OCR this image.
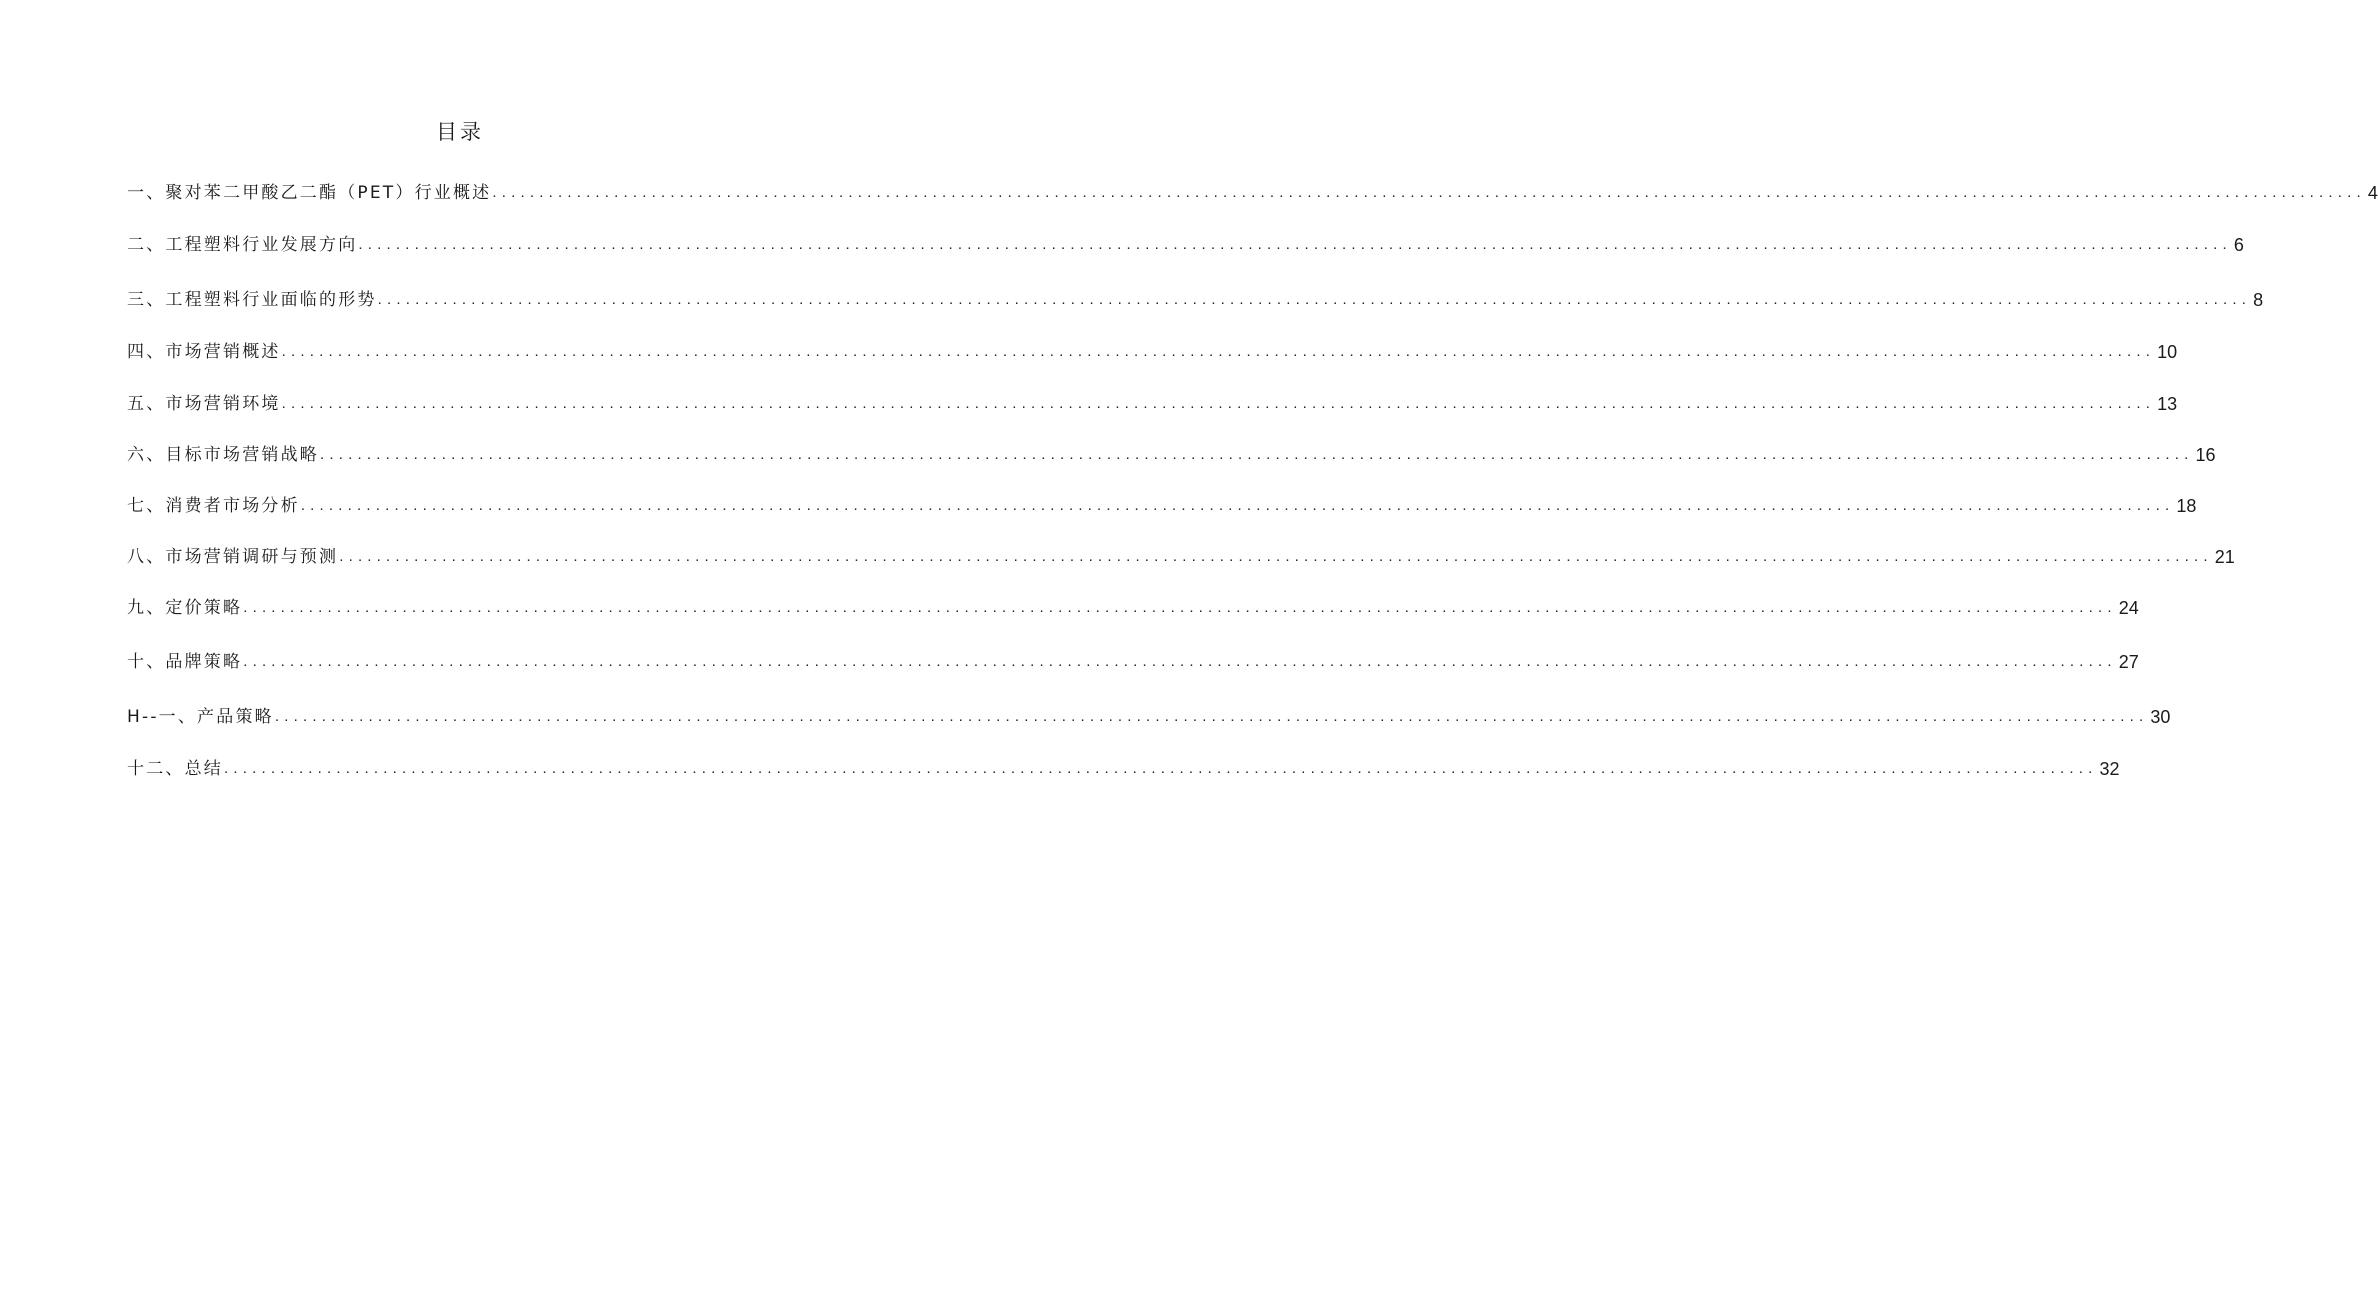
目录
一、聚对苯二甲酸乙二酯（PET）行业概述 ........................................................................................................................................................................................................ 4
二、工程塑料行业发展方向 ........................................................................................................................................................................................................ 6
三、工程塑料行业面临的形势 ........................................................................................................................................................................................................ 8
四、市场营销概述 ........................................................................................................................................................................................................ 10
五、市场营销环境 ........................................................................................................................................................................................................ 13
六、目标市场营销战略 ........................................................................................................................................................................................................ 16
七、消费者市场分析 ........................................................................................................................................................................................................ 18
八、市场营销调研与预测 ........................................................................................................................................................................................................ 21
九、定价策略 ........................................................................................................................................................................................................ 24
十、品牌策略 ........................................................................................................................................................................................................ 27
H--一、产品策略 ........................................................................................................................................................................................................ 30
十二、总结 ........................................................................................................................................................................................................ 32
